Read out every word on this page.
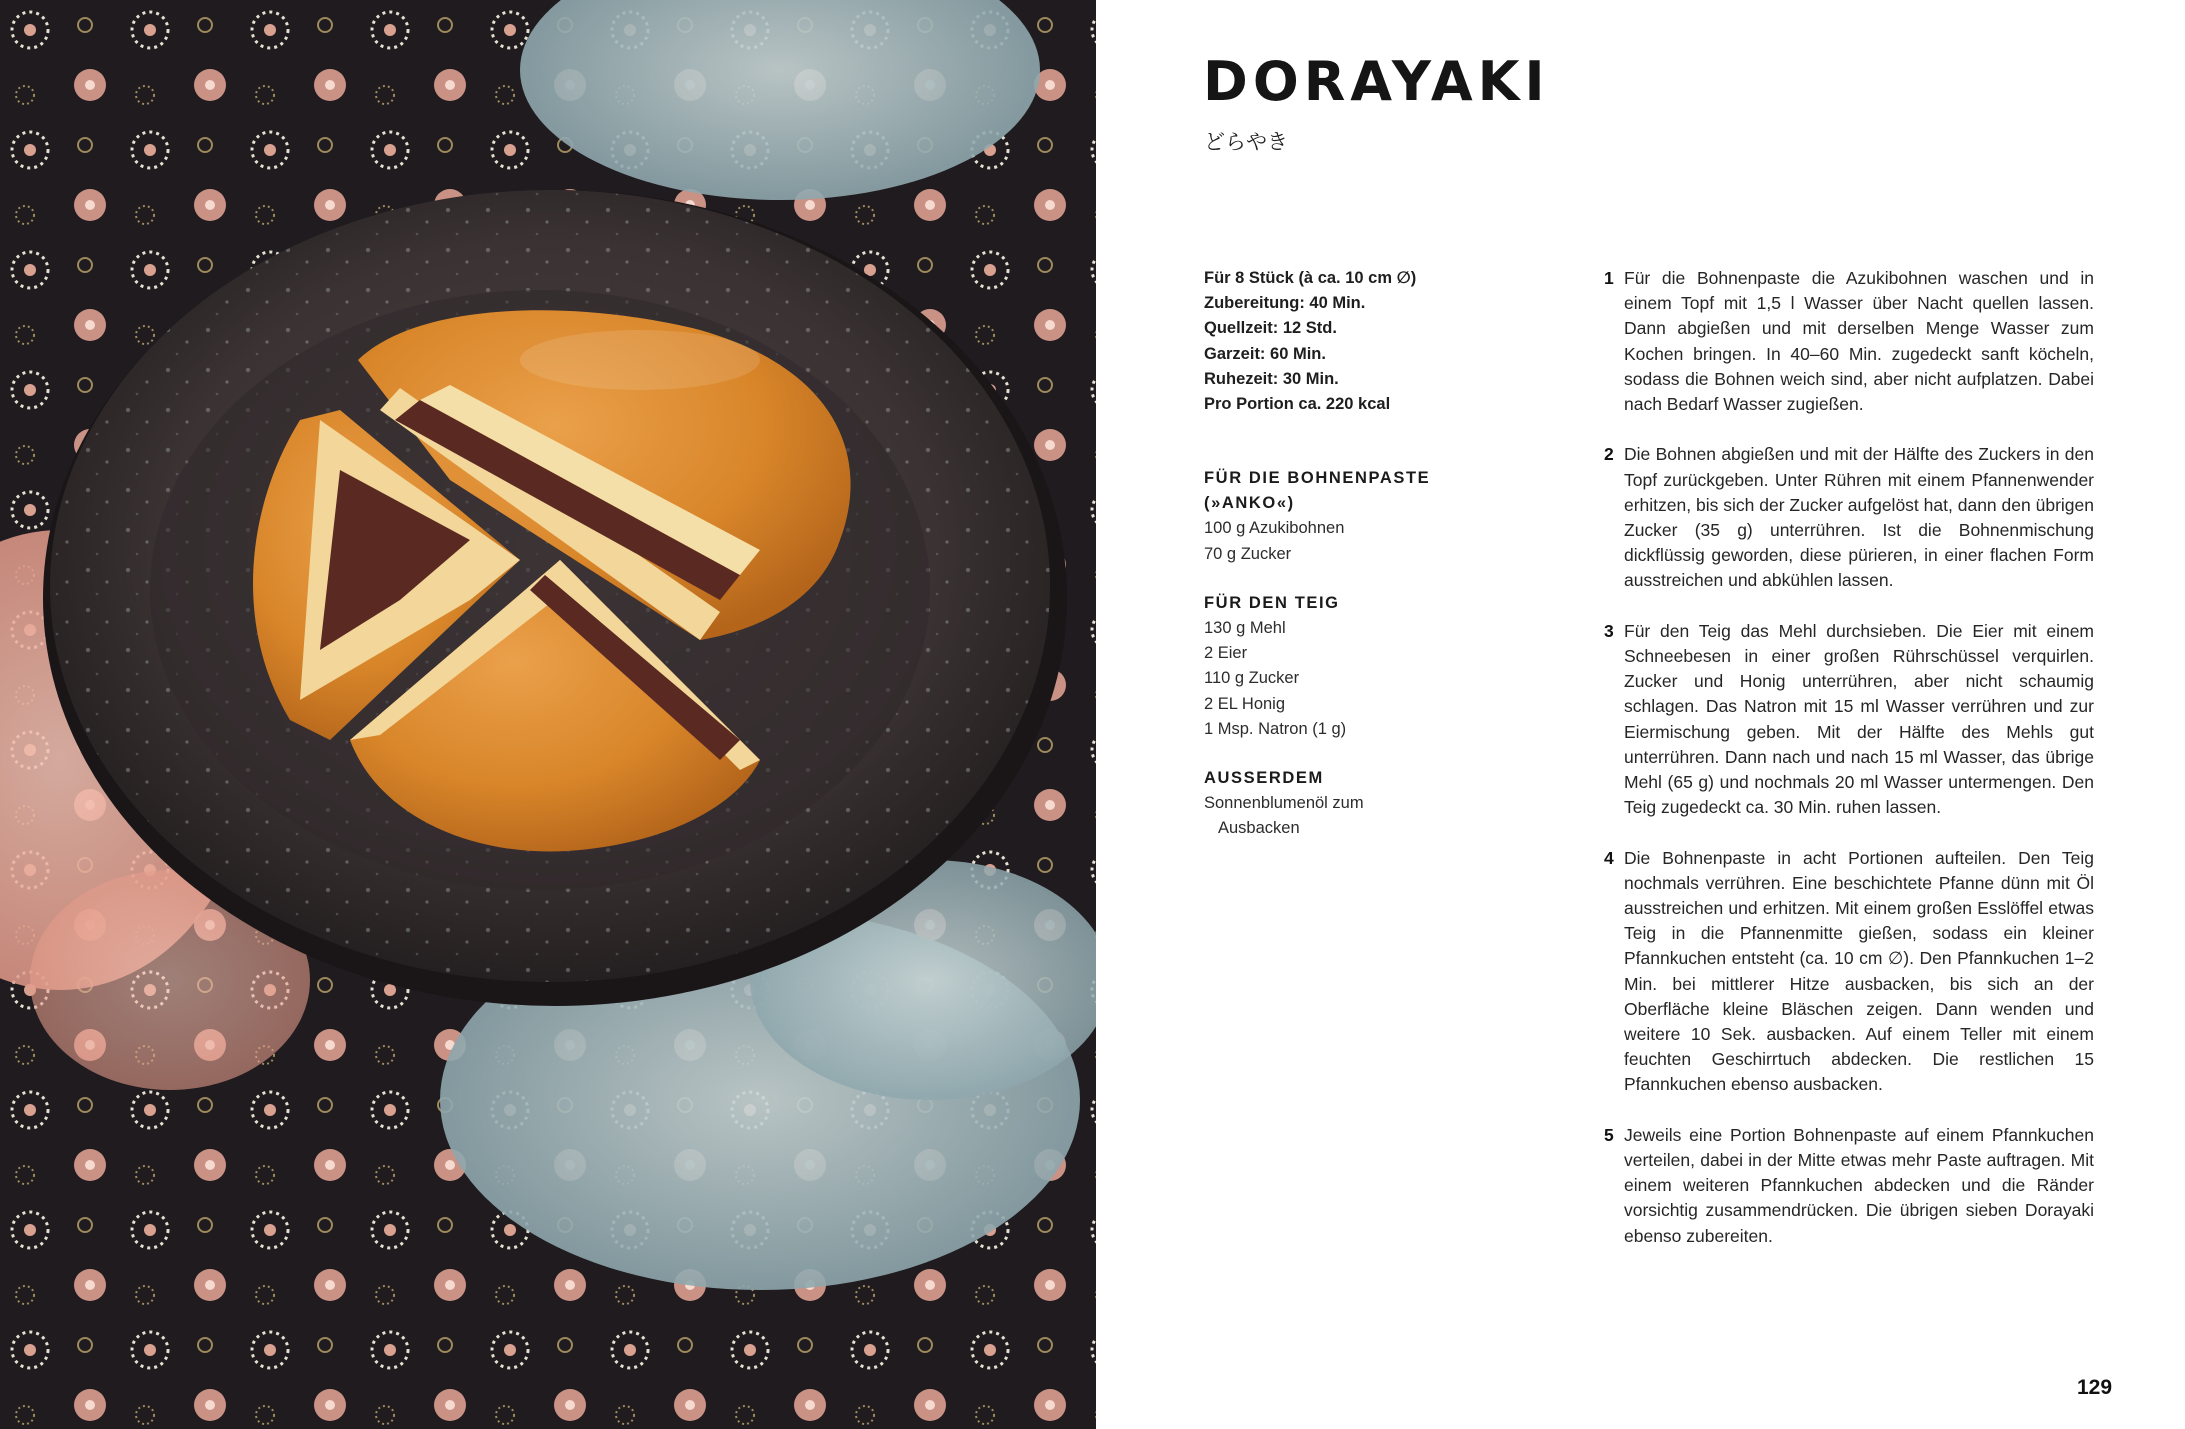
DORAYAKI
どらやき
Für 8 Stück (à ca. 10 cm ∅)
Zubereitung: 40 Min.
Quellzeit: 12 Std.
Garzeit: 60 Min.
Ruhezeit: 30 Min.
Pro Portion ca. 220 kcal
FÜR DIE BOHNENPASTE
(»ANKO«)
100 g Azukibohnen
70 g Zucker
FÜR DEN TEIG
130 g Mehl
2 Eier
110 g Zucker
2 EL Honig
1 Msp. Natron (1 g)
AUSSERDEM
Sonnenblumenöl zum
Ausbacken
1 Für die Bohnenpaste die Azukibohnen waschen und in einem Topf mit 1,5 l Wasser über Nacht quellen lassen. Dann abgießen und mit derselben Menge Wasser zum Kochen bringen. In 40–60 Min. zugedeckt sanft köcheln, sodass die Bohnen weich sind, aber nicht aufplatzen. Dabei nach Bedarf Wasser zugießen.
2 Die Bohnen abgießen und mit der Hälfte des Zuckers in den Topf zurückgeben. Unter Rühren mit einem Pfannenwender erhitzen, bis sich der Zucker aufgelöst hat, dann den übrigen Zucker (35 g) unterrühren. Ist die Bohnenmischung dickflüssig geworden, diese pürieren, in einer flachen Form ausstreichen und abkühlen lassen.
3 Für den Teig das Mehl durchsieben. Die Eier mit einem Schneebesen in einer großen Rührschüssel verquirlen. Zucker und Honig unterrühren, aber nicht schaumig schlagen. Das Natron mit 15 ml Wasser verrühren und zur Eiermischung geben. Mit der Hälfte des Mehls gut unterrühren. Dann nach und nach 15 ml Wasser, das übrige Mehl (65 g) und nochmals 20 ml Wasser untermengen. Den Teig zugedeckt ca. 30 Min. ruhen lassen.
4 Die Bohnenpaste in acht Portionen aufteilen. Den Teig nochmals verrühren. Eine beschichtete Pfanne dünn mit Öl ausstreichen und erhitzen. Mit einem großen Esslöffel etwas Teig in die Pfannenmitte gießen, sodass ein kleiner Pfannkuchen entsteht (ca. 10 cm ∅). Den Pfannkuchen 1–2 Min. bei mittlerer Hitze ausbacken, bis sich an der Oberfläche kleine Bläschen zeigen. Dann wenden und weitere 10 Sek. ausbacken. Auf einem Teller mit einem feuchten Geschirrtuch abdecken. Die restlichen 15 Pfannkuchen ebenso ausbacken.
5 Jeweils eine Portion Bohnenpaste auf einem Pfannkuchen verteilen, dabei in der Mitte etwas mehr Paste auftragen. Mit einem weiteren Pfannkuchen abdecken und die Ränder vorsichtig zusammendrücken. Die übrigen sieben Dorayaki ebenso zubereiten.
129
